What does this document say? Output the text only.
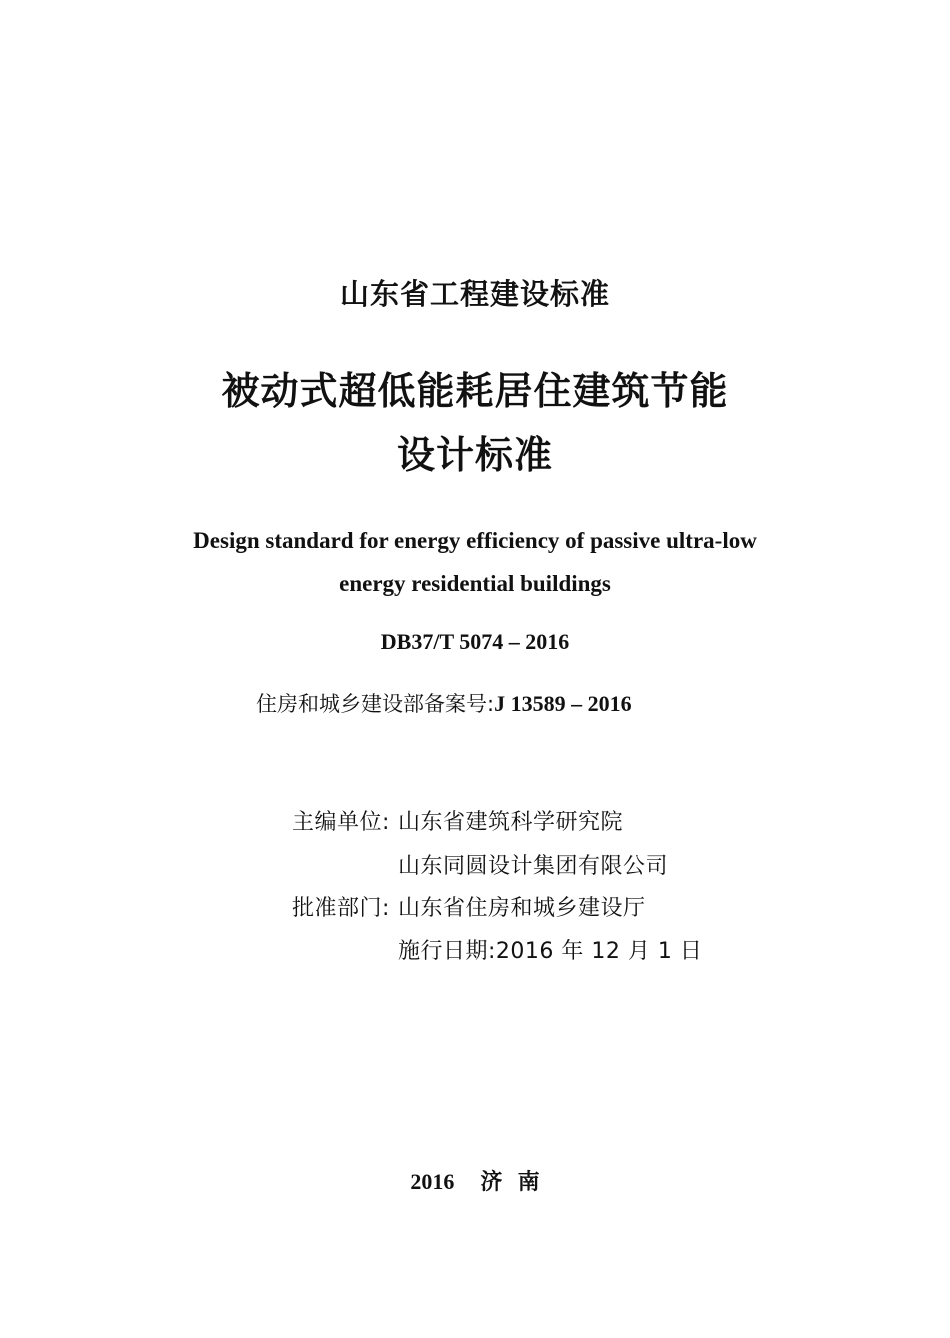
山东省工程建设标准
被动式超低能耗居住建筑节能
设计标准
Design standard for energy efficiency of passive ultra-low
energy residential buildings
DB37/T 5074 – 2016
住房和城乡建设部备案号:J 13589 – 2016
主编单位: 山东省建筑科学研究院
山东同圆设计集团有限公司
批准部门: 山东省住房和城乡建设厅
施行日期:2016 年 12 月 1 日
2016 济  南
